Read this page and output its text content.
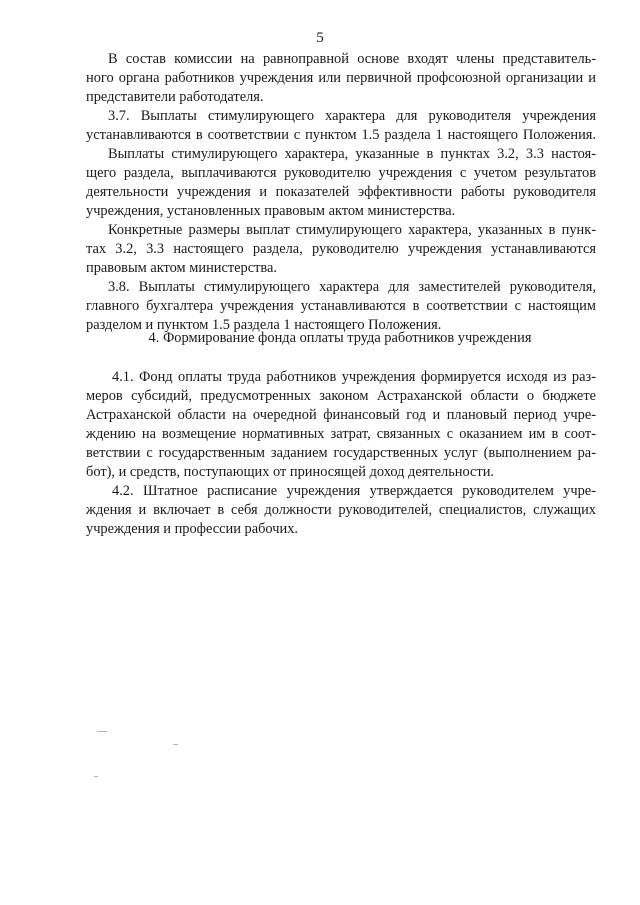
5
В состав комиссии на равноправной основе входят члены представитель-
ного органа работников учреждения или первичной профсоюзной организации и
представители работодателя.
3.7. Выплаты стимулирующего характера для руководителя учреждения
устанавливаются в соответствии с пунктом 1.5 раздела 1 настоящего Положения.
Выплаты стимулирующего характера, указанные в пунктах 3.2, 3.3 настоя-
щего раздела, выплачиваются руководителю учреждения с учетом результатов
деятельности учреждения и показателей эффективности работы руководителя
учреждения, установленных правовым актом министерства.
Конкретные размеры выплат стимулирующего характера, указанных в пунк-
тах 3.2, 3.3 настоящего раздела, руководителю учреждения устанавливаются
правовым актом министерства.
3.8. Выплаты стимулирующего характера для заместителей руководителя,
главного бухгалтера учреждения устанавливаются в соответствии с настоящим
разделом и пунктом 1.5 раздела 1 настоящего Положения.
4. Формирование фонда оплаты труда работников учреждения
4.1. Фонд оплаты труда работников учреждения формируется исходя из раз-
меров субсидий, предусмотренных законом Астраханской области о бюджете
Астраханской области на очередной финансовый год и плановый период учре-
ждению на возмещение нормативных затрат, связанных с оказанием им в соот-
ветствии с государственным заданием государственных услуг (выполнением ра-
бот), и средств, поступающих от приносящей доход деятельности.
4.2. Штатное расписание учреждения утверждается руководителем учре-
ждения и включает в себя должности руководителей, специалистов, служащих
учреждения и профессии рабочих.
